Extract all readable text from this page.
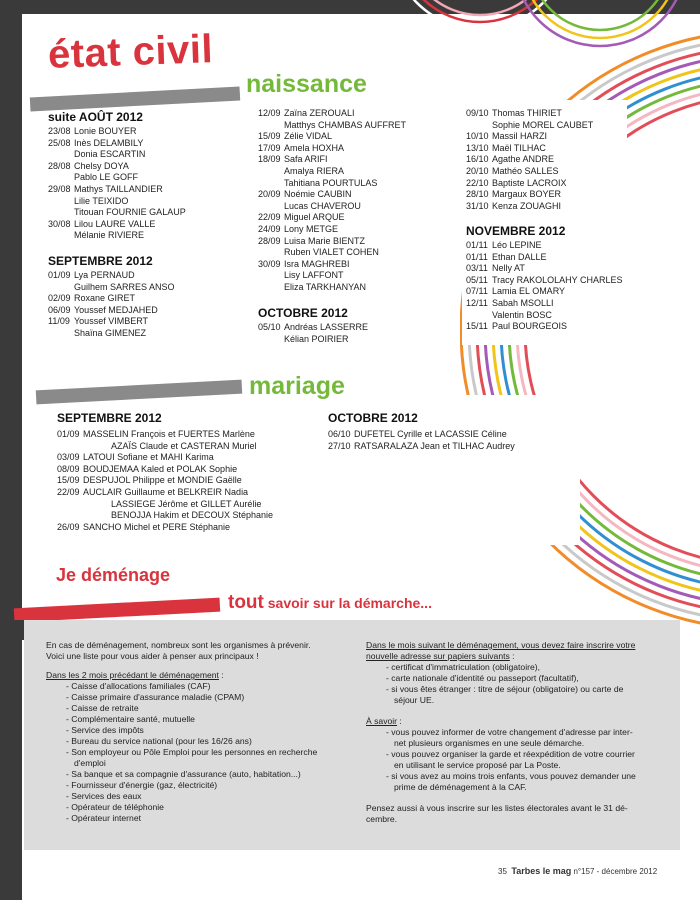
état civil
naissance
suite AOÛT 2012
23/08 Lonie BOUYER
25/08 Inès DELAMBILY
Donia ESCARTIN
28/08 Chelsy DOYA
Pablo LE GOFF
29/08 Mathys TAILLANDIER
Lilie TEIXIDO
Titouan FOURNIE GALAUP
30/08 Lilou LAURE VALLE
Mélanie RIVIERE
SEPTEMBRE 2012
01/09 Lya PERNAUD
Guilhem SARRES ANSO
02/09 Roxane GIRET
06/09 Youssef MEDJAHED
11/09 Youssef VIMBERT
Shaïna GIMENEZ
12/09 Zaïna ZEROUALI
Matthys CHAMBAS AUFFRET
15/09 Zélie VIDAL
17/09 Amela HOXHA
18/09 Safa ARIFI
Amalya RIERA
Tahitiana POURTULAS
20/09 Noémie CAUBIN
Lucas CHAVEROU
22/09 Miguel ARQUE
24/09 Lony METGE
28/09 Luisa Marie BIENTZ
Ruben VIALET COHEN
30/09 Isra MAGHREBI
Lisy LAFFONT
Eliza TARKHANYAN
OCTOBRE 2012
05/10 Andréas LASSERRE
Kélian POIRIER
09/10 Thomas THIRIET
Sophie MOREL CAUBET
10/10 Massil HARZI
13/10 Maël TILHAC
16/10 Agathe ANDRE
20/10 Mathéo SALLES
22/10 Baptiste LACROIX
28/10 Margaux BOYER
31/10 Kenza ZOUAGHI
NOVEMBRE 2012
01/11 Léo LEPINE
01/11 Ethan DALLE
03/11 Nelly AT
05/11 Tracy RAKOLOLAHY CHARLES
07/11 Lamia EL OMARY
12/11 Sabah MSOLLI
Valentin BOSC
15/11 Paul BOURGEOIS
mariage
SEPTEMBRE 2012
01/09 MASSELIN François et FUERTES Marlène
AZAÏS Claude et CASTERAN Muriel
03/09 LATOUI Sofiane et MAHI Karima
08/09 BOUDJEMAA Kaled et POLAK Sophie
15/09 DESPUJOL Philippe et MONDIE Gaëlle
22/09 AUCLAIR Guillaume et BELKREIR Nadia
LASSIEGE Jérôme et GILLET Aurélie
BENOJJA Hakim et DECOUX Stéphanie
26/09 SANCHO Michel et PERE Stéphanie
OCTOBRE 2012
06/10 DUFETEL Cyrille et LACASSIE Céline
27/10 RATSARALAZA Jean et TILHAC Audrey
Je déménage
tout savoir sur la démarche...
En cas de déménagement, nombreux sont les organismes à prévenir.
Voici une liste pour vous aider à penser aux principaux !
Dans les 2 mois précédant le déménagement :
- Caisse d'allocations familiales (CAF)
- Caisse primaire d'assurance maladie (CPAM)
- Caisse de retraite
- Complémentaire santé, mutuelle
- Service des impôts
- Bureau du service national (pour les 16/26 ans)
- Son employeur ou Pôle Emploi pour les personnes en recherche
d'emploi
- Sa banque et sa compagnie d'assurance (auto, habitation...)
- Fournisseur d'énergie (gaz, électricité)
- Services des eaux
- Opérateur de téléphonie
- Opérateur internet
Dans le mois suivant le déménagement, vous devez faire inscrire votre
nouvelle adresse sur papiers suivants :
- certificat d'immatriculation (obligatoire),
- carte nationale d'identité ou passeport (facultatif),
- si vous êtes étranger : titre de séjour (obligatoire) ou carte de
séjour UE.
À savoir :
- vous pouvez informer de votre changement d'adresse par inter-
net plusieurs organismes en une seule démarche.
- vous pouvez organiser la garde et réexpédition de votre courrier
en utilisant le service proposé par La Poste.
- si vous avez au moins trois enfants, vous pouvez demander une
prime de déménagement à la CAF.
Pensez aussi à vous inscrire sur les listes électorales avant le 31 dé-
cembre.
35 Tarbes le mag n°157 - décembre 2012
